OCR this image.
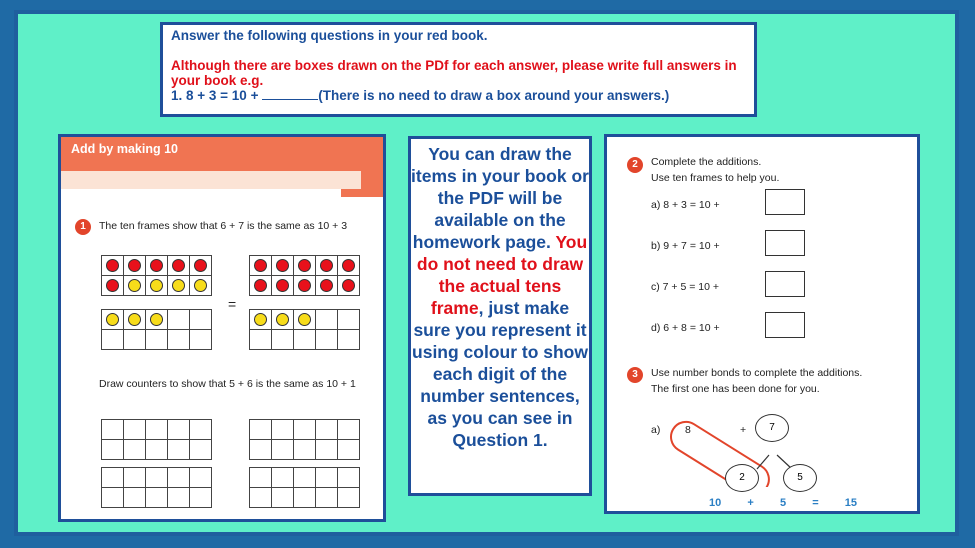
Answer the following questions in your red book.
Although there are boxes drawn on the PDf for each answer, please write full answers in your book e.g.
1. 8 + 3 = 10 +	(There is no need to draw a box around your answers.)
Add by making 10
1	The ten frames show that 6 + 7 is the same as 10 + 3

=

Draw counters to show that 5 + 6 is the same as 10 + 1

You can draw the items in your book or the PDF will be available on the homework page. You do not need to draw the actual tens frame, just make sure you represent it using colour to show each digit of the number sentences, as you can see in Question 1.
2	Complete the additions.
Use ten frames to help you.
a) 8 + 3 = 10 +
b) 9 + 7 = 10 +
c) 7 + 5 = 10 +
d) 6 + 8 = 10 +
3	Use number bonds to complete the additions.
The first one has been done for you.
a) 8	+	7
2	5
10 + 5 = 15
